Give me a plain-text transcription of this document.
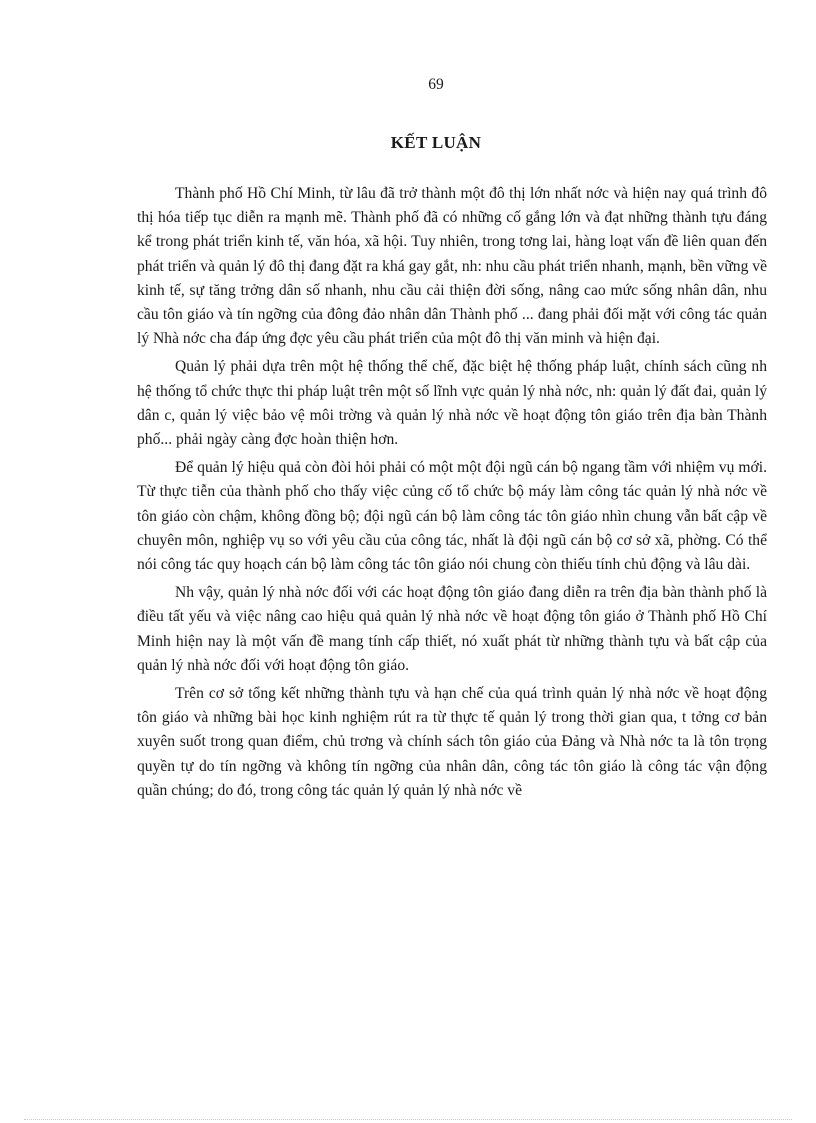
69
KẾT LUẬN

Thành phố Hồ Chí Minh, từ lâu đã trở thành một đô thị lớn nhất nớc và hiện nay quá trình đô thị hóa tiếp tục diễn ra mạnh mẽ. Thành phố đã có những cố gắng lớn và đạt những thành tựu đáng kể trong phát triển kinh tế, văn hóa, xã hội. Tuy nhiên, trong tơng lai, hàng loạt vấn đề liên quan đến phát triển và quản lý đô thị đang đặt ra khá gay gắt, nh: nhu cầu phát triển nhanh, mạnh, bền vững về kinh tế, sự tăng trởng dân số nhanh, nhu cầu cải thiện đời sống, nâng cao mức sống nhân dân, nhu cầu tôn giáo và tín ngỡng của đông đảo nhân dân Thành phố ... đang phải đối mặt với công tác quản lý Nhà nớc cha đáp ứng đợc yêu cầu phát triển của một đô thị văn minh và hiện đại.

Quản lý phải dựa trên một hệ thống thể chế, đặc biệt hệ thống pháp luật, chính sách cũng nh hệ thống tổ chức thực thi pháp luật trên một số lĩnh vực quản lý nhà nớc, nh: quản lý đất đai, quản lý dân c, quản lý việc bảo vệ môi trờng và quản lý nhà nớc về hoạt động tôn giáo trên địa bàn Thành phố... phải ngày càng đợc hoàn thiện hơn.

Để quản lý hiệu quả còn đòi hỏi phải có một một đội ngũ cán bộ ngang tầm với nhiệm vụ mới. Từ thực tiễn của thành phố cho thấy việc củng cố tổ chức bộ máy làm công tác quản lý nhà nớc về tôn giáo còn chậm, không đồng bộ; đội ngũ cán bộ làm công tác tôn giáo nhìn chung vẫn bất cập về chuyên môn, nghiệp vụ so với yêu cầu của công tác, nhất là đội ngũ cán bộ cơ sở xã, phờng. Có thể nói công tác quy hoạch cán bộ làm công tác tôn giáo nói chung còn thiếu tính chủ động và lâu dài.

Nh vậy, quản lý nhà nớc đối với các hoạt động tôn giáo đang diễn ra trên địa bàn thành phố là điều tất yếu và việc nâng cao hiệu quả quản lý nhà nớc về hoạt động tôn giáo ở Thành phố Hồ Chí Minh hiện nay là một vấn đề mang tính cấp thiết, nó xuất phát từ những thành tựu và bất cập của quản lý nhà nớc đối với hoạt động tôn giáo.

Trên cơ sở tổng kết những thành tựu và hạn chế của quá trình quản lý nhà nớc về hoạt động tôn giáo và những bài học kinh nghiệm rút ra từ thực tế quản lý trong thời gian qua, t tởng cơ bản xuyên suốt trong quan điểm, chủ trơng và chính sách tôn giáo của Đảng và Nhà nớc ta là tôn trọng quyền tự do tín ngỡng và không tín ngỡng của nhân dân, công tác tôn giáo là công tác vận động quần chúng; do đó, trong công tác quản lý quản lý nhà nớc về
